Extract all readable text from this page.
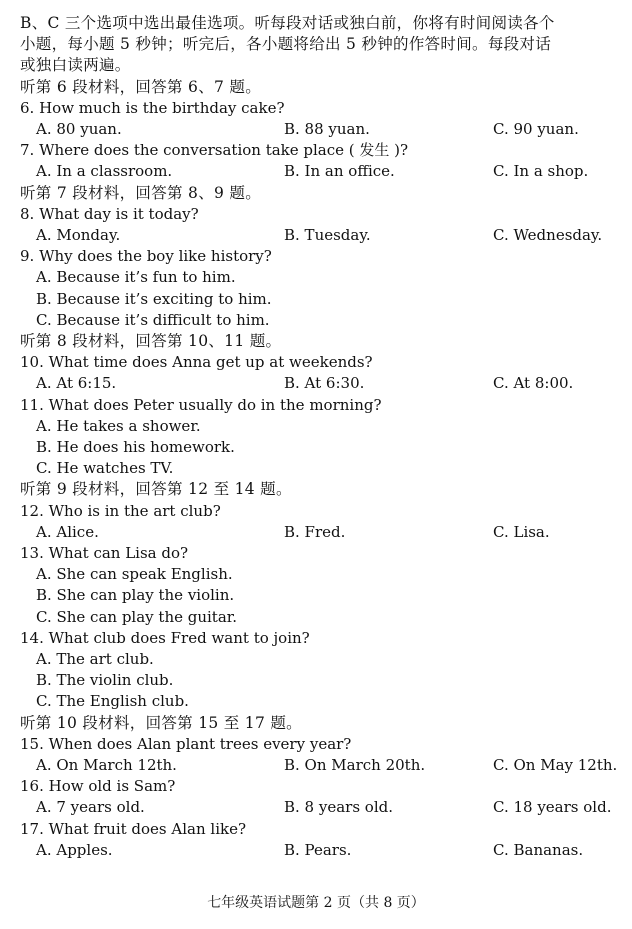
B、C 三个选项中选出最佳选项。听每段对话或独白前，你将有时间阅读各个
小题，每小题 5 秒钟；听完后，各小题将给出 5 秒钟的作答时间。每段对话
或独白读两遍。
听第 6 段材料，回答第 6、7 题。
6. How much is the birthday cake?
A. 80 yuan.	B. 88 yuan.	C. 90 yuan.
7. Where does the conversation take place ( 发生 )?
A. In a classroom.	B. In an office.	C. In a shop.
听第 7 段材料，回答第 8、9 题。
8. What day is it today?
A. Monday.	B. Tuesday.	C. Wednesday.
9. Why does the boy like history?
A. Because it’s fun to him.
B. Because it’s exciting to him.
C. Because it’s difficult to him.
听第 8 段材料，回答第 10、11 题。
10. What time does Anna get up at weekends?
A. At 6:15.	B. At 6:30.	C. At 8:00.
11. What does Peter usually do in the morning?
A. He takes a shower.
B. He does his homework.
C. He watches TV.
听第 9 段材料，回答第 12 至 14 题。
12. Who is in the art club?
A. Alice.	B. Fred.	C. Lisa.
13. What can Lisa do?
A. She can speak English.
B. She can play the violin.
C. She can play the guitar.
14. What club does Fred want to join?
A. The art club.
B. The violin club.
C. The English club.
听第 10 段材料，回答第 15 至 17 题。
15. When does Alan plant trees every year?
A. On March 12th.	B. On March 20th.	C. On May 12th.
16. How old is Sam?
A. 7 years old.	B. 8 years old.	C. 18 years old.
17. What fruit does Alan like?
A. Apples.	B. Pears.	C. Bananas.
七年级英语试题第 2 页（共 8 页）
